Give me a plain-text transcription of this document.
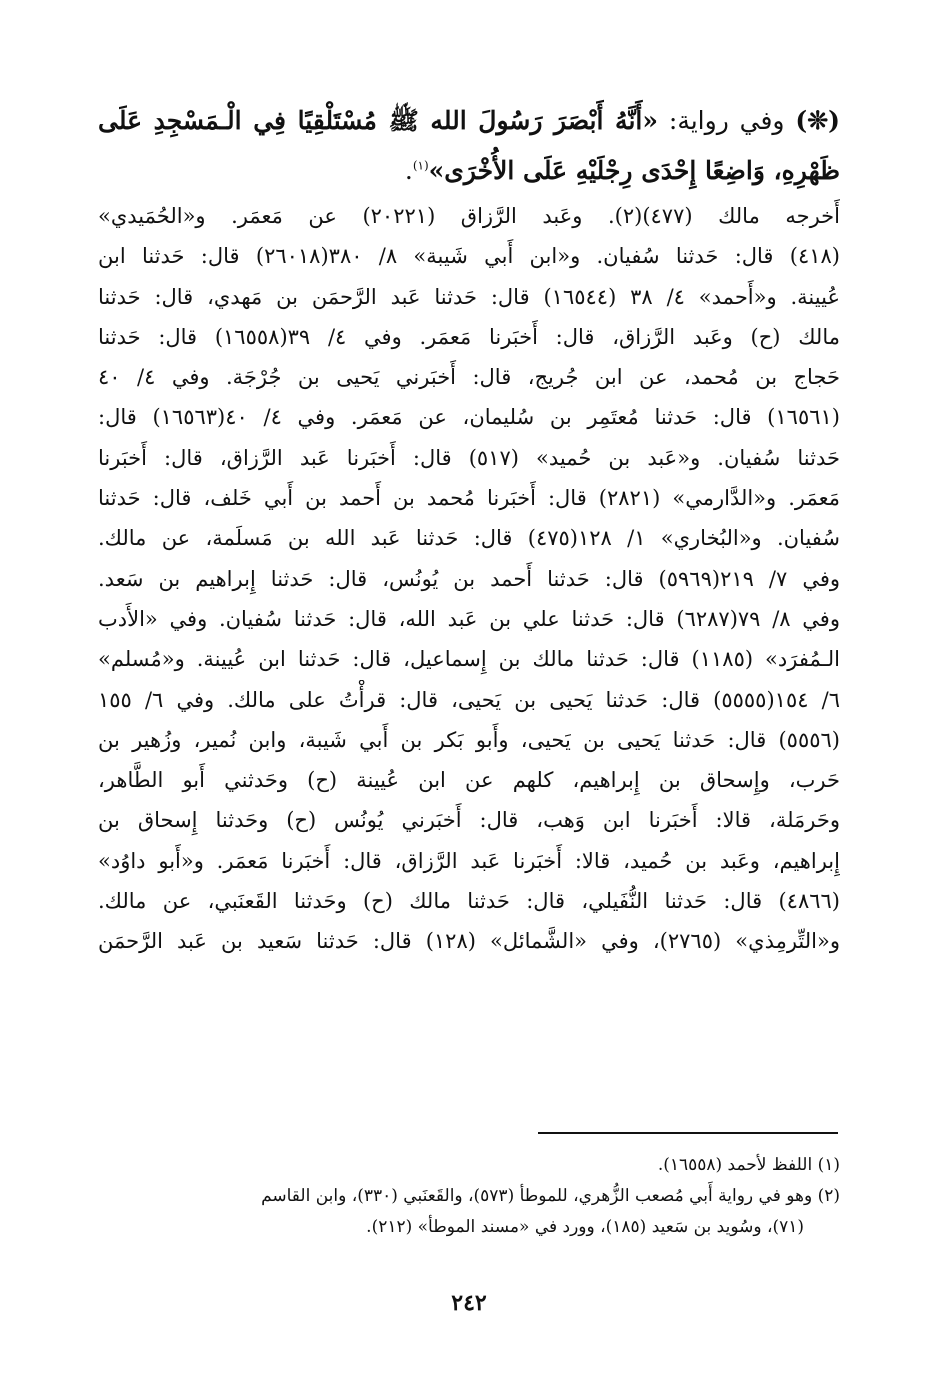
(❊) وفي رواية: «أَنَّهُ أَبْصَرَ رَسُولَ الله ﷺ مُسْتَلْقِيًا فِي الْـمَسْجِدِ عَلَى ظَهْرِهِ، وَاضِعًا إِحْدَى رِجْلَيْهِ عَلَى الأُخْرَى»$^{(١)}$.

أَخرجه مالك (٤٧٧)(٢). وعَبد الرَّزاق (٢٠٢٢١) عن مَعمَر. و«الحُمَيدي»
(٤١٨) قال: حَدثنا سُفيان. و«ابن أَبي شَيبة» ٨/ ٣٨٠(٢٦٠١٨) قال: حَدثنا ابن
عُيينة. و«أَحمد» ٤/ ٣٨ (١٦٥٤٤) قال: حَدثنا عَبد الرَّحمَن بن مَهدي، قال: حَدثنا
مالك (ح) وعَبد الرَّزاق، قال: أَخبَرنا مَعمَر. وفي ٤/ ٣٩(١٦٥٥٨) قال: حَدثنا
حَجاج بن مُحمد، عن ابن جُريج، قال: أَخبَرني يَحيى بن جُرْجَة. وفي ٤/ ٤٠
(١٦٥٦١) قال: حَدثنا مُعتَمِر بن سُليمان، عن مَعمَر. وفي ٤/ ٤٠(١٦٥٦٣) قال:
حَدثنا سُفيان. و«عَبد بن حُميد» (٥١٧) قال: أَخبَرنا عَبد الرَّزاق، قال: أَخبَرنا
مَعمَر. و«الدَّارمي» (٢٨٢١) قال: أَخبَرنا مُحمد بن أَحمد بن أَبي خَلف، قال: حَدثنا
سُفيان. و«البُخاري» ١/ ١٢٨(٤٧٥) قال: حَدثنا عَبد الله بن مَسلَمة، عن مالك.
وفي ٧/ ٢١٩(٥٩٦٩) قال: حَدثنا أَحمد بن يُونُس، قال: حَدثنا إِبراهيم بن سَعد.
وفي ٨/ ٧٩(٦٢٨٧) قال: حَدثنا علي بن عَبد الله، قال: حَدثنا سُفيان. وفي «الأَدب
الـمُفرَد» (١١٨٥) قال: حَدثنا مالك بن إِسماعيل، قال: حَدثنا ابن عُيينة. و«مُسلم»
٦/ ١٥٤(٥٥٥٥) قال: حَدثنا يَحيى بن يَحيى، قال: قرأْتُ على مالك. وفي ٦/ ١٥٥
(٥٥٥٦) قال: حَدثنا يَحيى بن يَحيى، وأَبو بَكر بن أَبي شَيبة، وابن نُمير، وزُهير بن
حَرب، وإِسحاق بن إِبراهيم، كلهم عن ابن عُيينة (ح) وحَدثني أَبو الطَّاهر،
وحَرمَلة، قالا: أَخبَرنا ابن وَهب، قال: أَخبَرني يُونُس (ح) وحَدثنا إِسحاق بن
إِبراهيم، وعَبد بن حُميد، قالا: أَخبَرنا عَبد الرَّزاق، قال: أَخبَرنا مَعمَر. و«أَبو داوُد»
(٤٨٦٦) قال: حَدثنا النُّفَيلي، قال: حَدثنا مالك (ح) وحَدثنا القَعنَبي، عن مالك.
و«التِّرمِذي» (٢٧٦٥)، وفي «الشَّمائل» (١٢٨) قال: حَدثنا سَعيد بن عَبد الرَّحمَن

(١) اللفظ لأحمد (١٦٥٥٨).

(٢) وهو في رواية أَبي مُصعب الزُّهري، للموطأ (٥٧٣)، والقَعنَبي (٣٣٠)، وابن القاسم

(٧١)، وسُويد بن سَعيد (١٨٥)، وورد في «مسند الموطأ» (٢١٢).

٢٤٢
